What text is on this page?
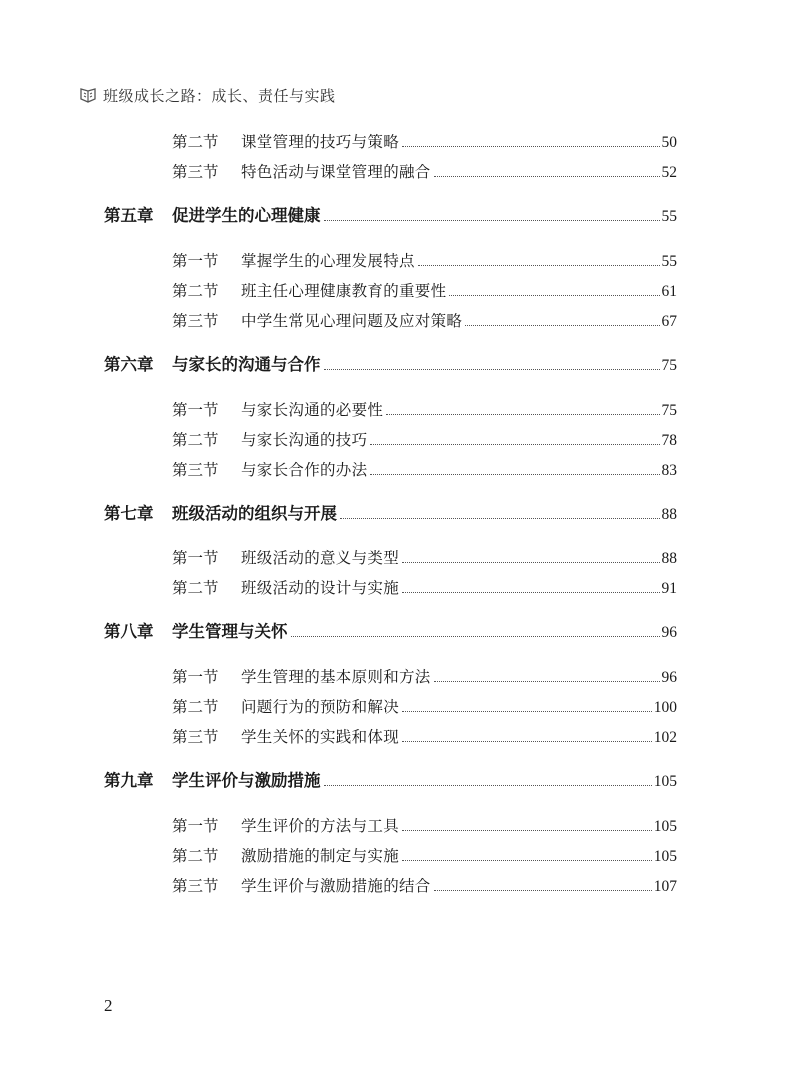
班级成长之路：成长、责任与实践
第二节 课堂管理的技巧与策略	50
第三节 特色活动与课堂管理的融合	52
第五章 促进学生的心理健康	55
第一节 掌握学生的心理发展特点	55
第二节 班主任心理健康教育的重要性	61
第三节 中学生常见心理问题及应对策略	67
第六章 与家长的沟通与合作	75
第一节 与家长沟通的必要性	75
第二节 与家长沟通的技巧	78
第三节 与家长合作的办法	83
第七章 班级活动的组织与开展	88
第一节 班级活动的意义与类型	88
第二节 班级活动的设计与实施	91
第八章 学生管理与关怀	96
第一节 学生管理的基本原则和方法	96
第二节 问题行为的预防和解决	100
第三节 学生关怀的实践和体现	102
第九章 学生评价与激励措施	105
第一节 学生评价的方法与工具	105
第二节 激励措施的制定与实施	105
第三节 学生评价与激励措施的结合	107
2
